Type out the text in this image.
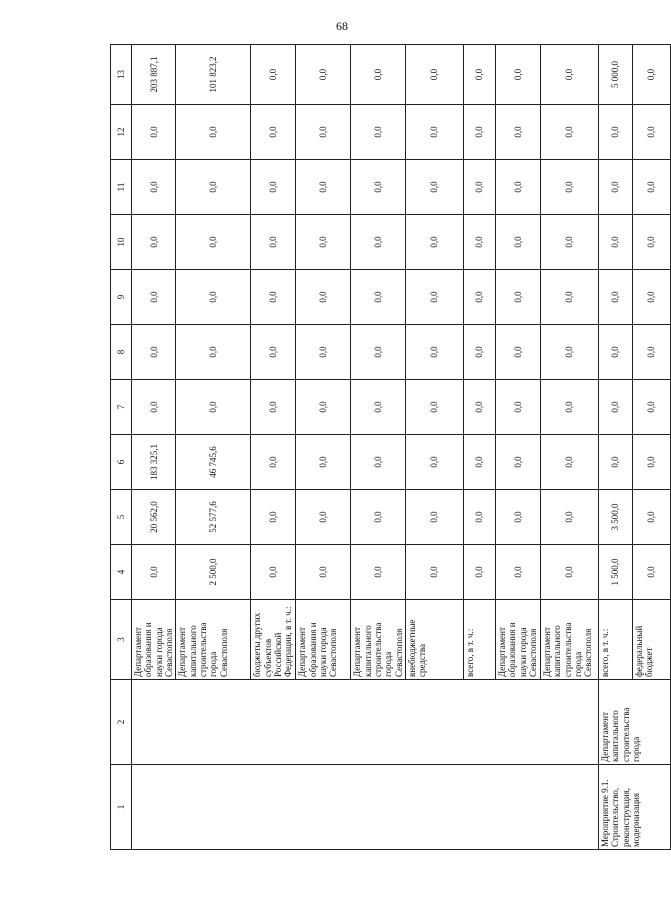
68
1	2	3	4	5	6	7	8	9	10	11	12	13
		Департамент образования и науки города Севастополя	0,0	20 562,0	183 325,1	0,0	0,0	0,0	0,0	0,0	0,0	203 887,1
		Департамент капитального строительства города Севастополя	2 500,0	52 577,6	46 745,6	0,0	0,0	0,0	0,0	0,0	0,0	101 823,2
		бюджеты других субъектов Российской Федерации, в т. ч.:	0,0	0,0	0,0	0,0	0,0	0,0	0,0	0,0	0,0	0,0
		Департамент образования и науки города Севастополя	0,0	0,0	0,0	0,0	0,0	0,0	0,0	0,0	0,0	0,0
		Департамент капитального строительства города Севастополя	0,0	0,0	0,0	0,0	0,0	0,0	0,0	0,0	0,0	0,0
		внебюджетные средства	0,0	0,0	0,0	0,0	0,0	0,0	0,0	0,0	0,0	0,0
		всего, в т. ч.:	0,0	0,0	0,0	0,0	0,0	0,0	0,0	0,0	0,0	0,0
		Департамент образования и науки города Севастополя	0,0	0,0	0,0	0,0	0,0	0,0	0,0	0,0	0,0	0,0
		Департамент капитального строительства города Севастополя	0,0	0,0	0,0	0,0	0,0	0,0	0,0	0,0	0,0	0,0
Мероприятие 9.1. Строительство, реконструкция, модернизация	Департамент капитального строительства города	всего, в т. ч.:	1 500,0	3 500,0	0,0	0,0	0,0	0,0	0,0	0,0	0,0	5 000,0
		федеральный бюджет	0,0	0,0	0,0	0,0	0,0	0,0	0,0	0,0	0,0	0,0
